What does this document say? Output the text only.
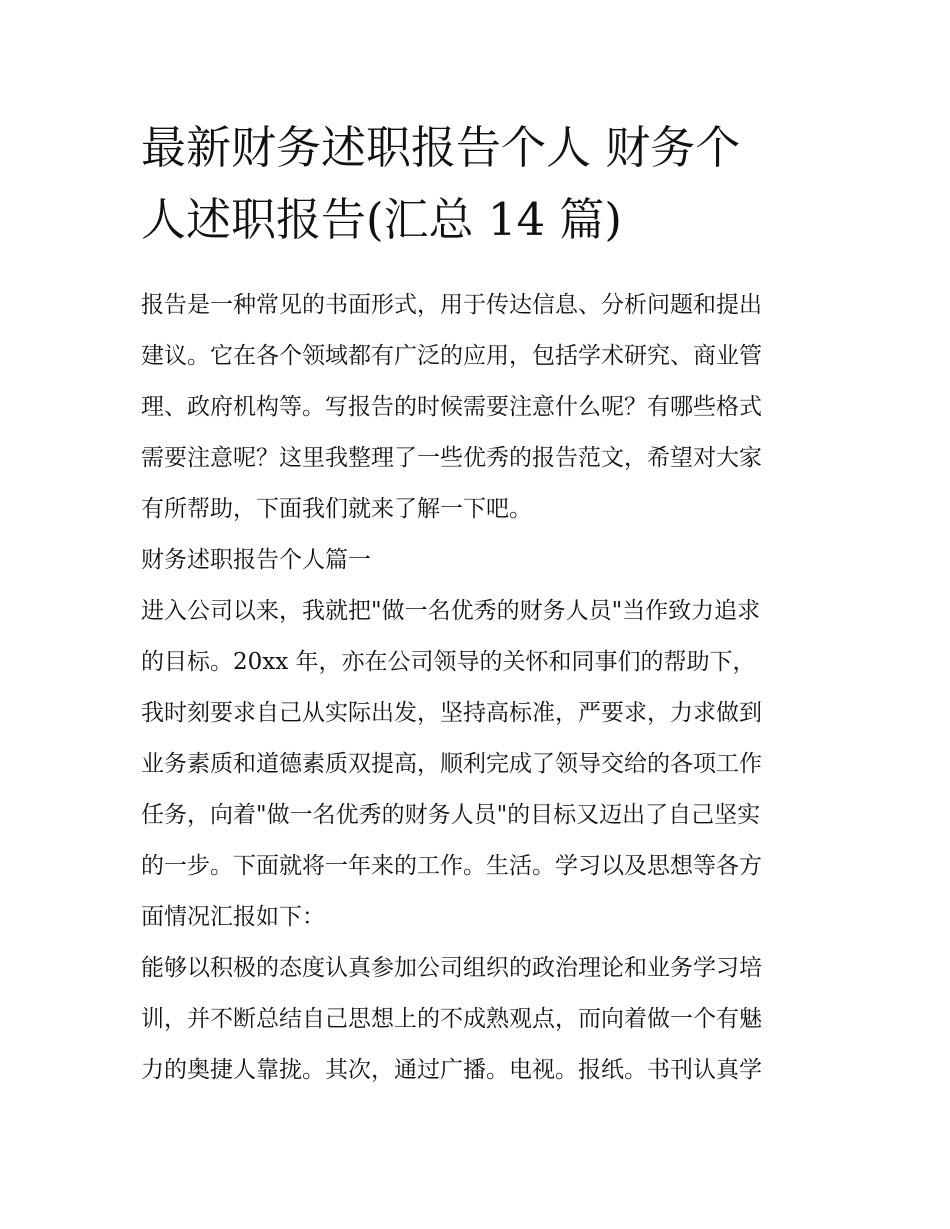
最新财务述职报告个人 财务个
人述职报告(汇总 14 篇)

报告是一种常见的书面形式，用于传达信息、分析问题和提出
建议。它在各个领域都有广泛的应用，包括学术研究、商业管
理、政府机构等。写报告的时候需要注意什么呢？有哪些格式
需要注意呢？这里我整理了一些优秀的报告范文，希望对大家
有所帮助，下面我们就来了解一下吧。

财务述职报告个人篇一

进入公司以来，我就把"做一名优秀的财务人员"当作致力追求
的目标。20xx 年，亦在公司领导的关怀和同事们的帮助下，
我时刻要求自己从实际出发，坚持高标准，严要求，力求做到
业务素质和道德素质双提高，顺利完成了领导交给的各项工作
任务，向着"做一名优秀的财务人员"的目标又迈出了自己坚实
的一步。下面就将一年来的工作。生活。学习以及思想等各方
面情况汇报如下：

能够以积极的态度认真参加公司组织的政治理论和业务学习培
训，并不断总结自己思想上的不成熟观点，而向着做一个有魅
力的奥捷人靠拢。其次，通过广播。电视。报纸。书刊认真学
